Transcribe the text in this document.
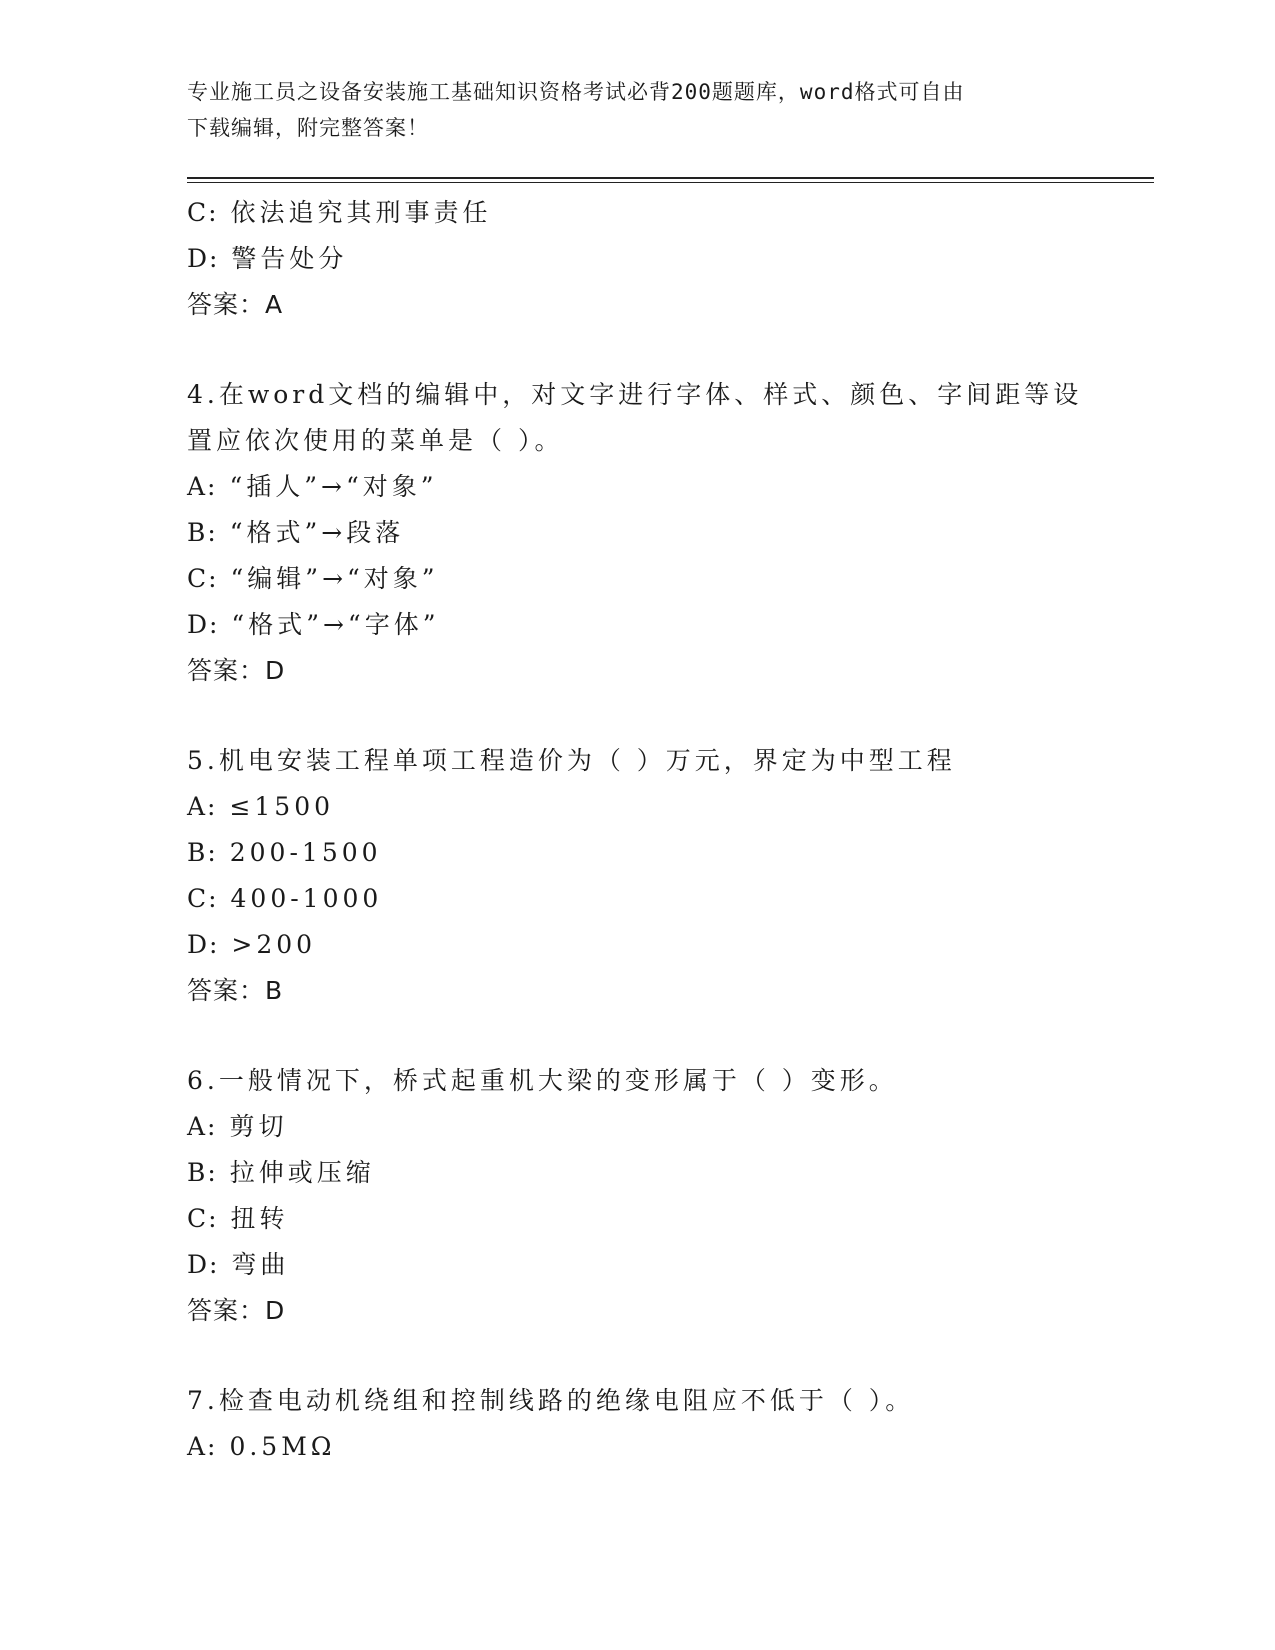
专业施工员之设备安装施工基础知识资格考试必背200题题库，word格式可自由
下载编辑，附完整答案！
C: 依法追究其刑事责任
D: 警告处分
答案：A
4.在word文档的编辑中，对文字进行字体、样式、颜色、字间距等设
置应依次使用的菜单是（ ）。
A: “插人”→“对象”
B: “格式”→段落
C: “编辑”→“对象”
D: “格式”→“字体”
答案：D
5.机电安装工程单项工程造价为（ ）万元，界定为中型工程
A: ≤1500
B: 200-1500
C: 400-1000
D: >200
答案：B
6.一般情况下，桥式起重机大梁的变形属于（ ）变形。
A: 剪切
B: 拉伸或压缩
C: 扭转
D: 弯曲
答案：D
7.检查电动机绕组和控制线路的绝缘电阻应不低于（ ）。
A: 0.5MΩ
